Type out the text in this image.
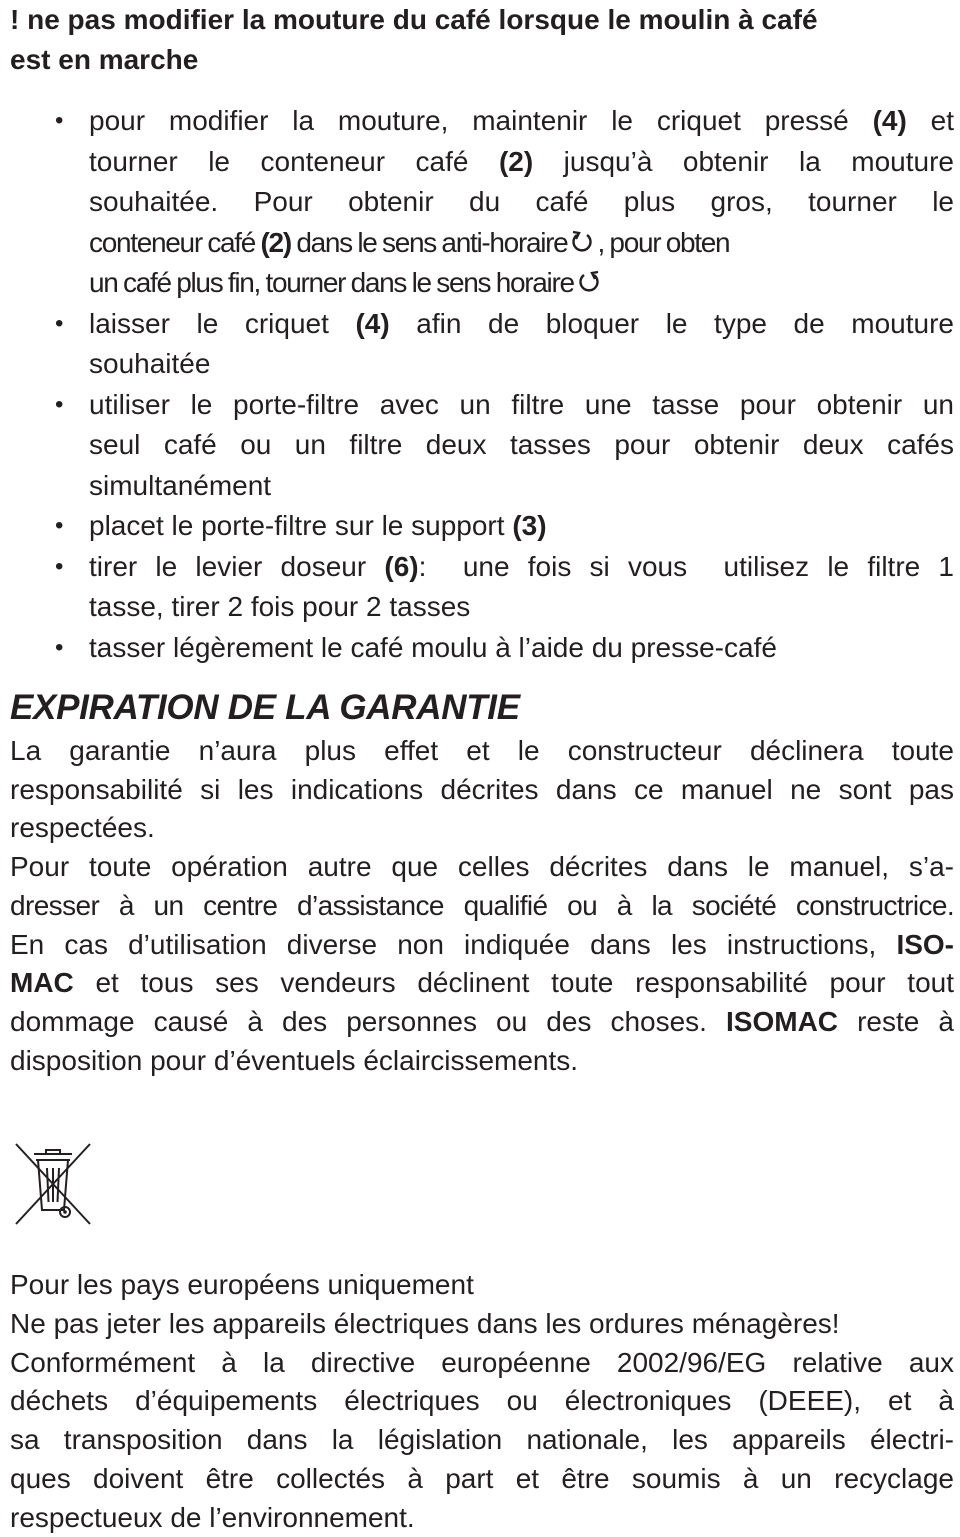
! ne pas modifier la mouture du café lorsque le moulin à café
est en marche
• pour modifier la mouture, maintenir le criquet pressé (4) et
tourner le conteneur café (2) jusqu’à obtenir la mouture
souhaitée. Pour obtenir du café plus gros, tourner le
conteneur café (2) dans le sens anti-horaire , pour obten
un café plus fin, tourner dans le sens horaire
• laisser le criquet (4) afin de bloquer le type de mouture
souhaitée
• utiliser le porte-filtre avec un filtre une tasse pour obtenir un
seul café ou un filtre deux tasses pour obtenir deux cafés
simultanément
• placet le porte-filtre sur le support (3)
• tirer le levier doseur (6):  une fois si vous  utilisez le filtre 1
tasse, tirer 2 fois pour 2 tasses
• tasser légèrement le café moulu à l’aide du presse-café
EXPIRATION DE LA GARANTIE

La garantie n’aura plus effet et le constructeur déclinera toute
responsabilité si les indications décrites dans ce manuel ne sont pas
respectées.

Pour toute opération autre que celles décrites dans le manuel, s’a-
dresser à un centre d’assistance qualifié ou à la société constructrice.

En cas d’utilisation diverse non indiquée dans les instructions, ISO-
MAC et tous ses vendeurs déclinent toute responsabilité pour tout
dommage causé à des personnes ou des choses. ISOMAC reste à
disposition pour d’éventuels éclaircissements.

Pour les pays européens uniquement
Ne pas jeter les appareils électriques dans les ordures ménagères!
Conformément à la directive européenne 2002/96/EG relative aux
déchets d’équipements électriques ou électroniques (DEEE), et à
sa transposition dans la législation nationale, les appareils électri-
ques doivent être collectés à part et être soumis à un recyclage
respectueux de l’environnement.
